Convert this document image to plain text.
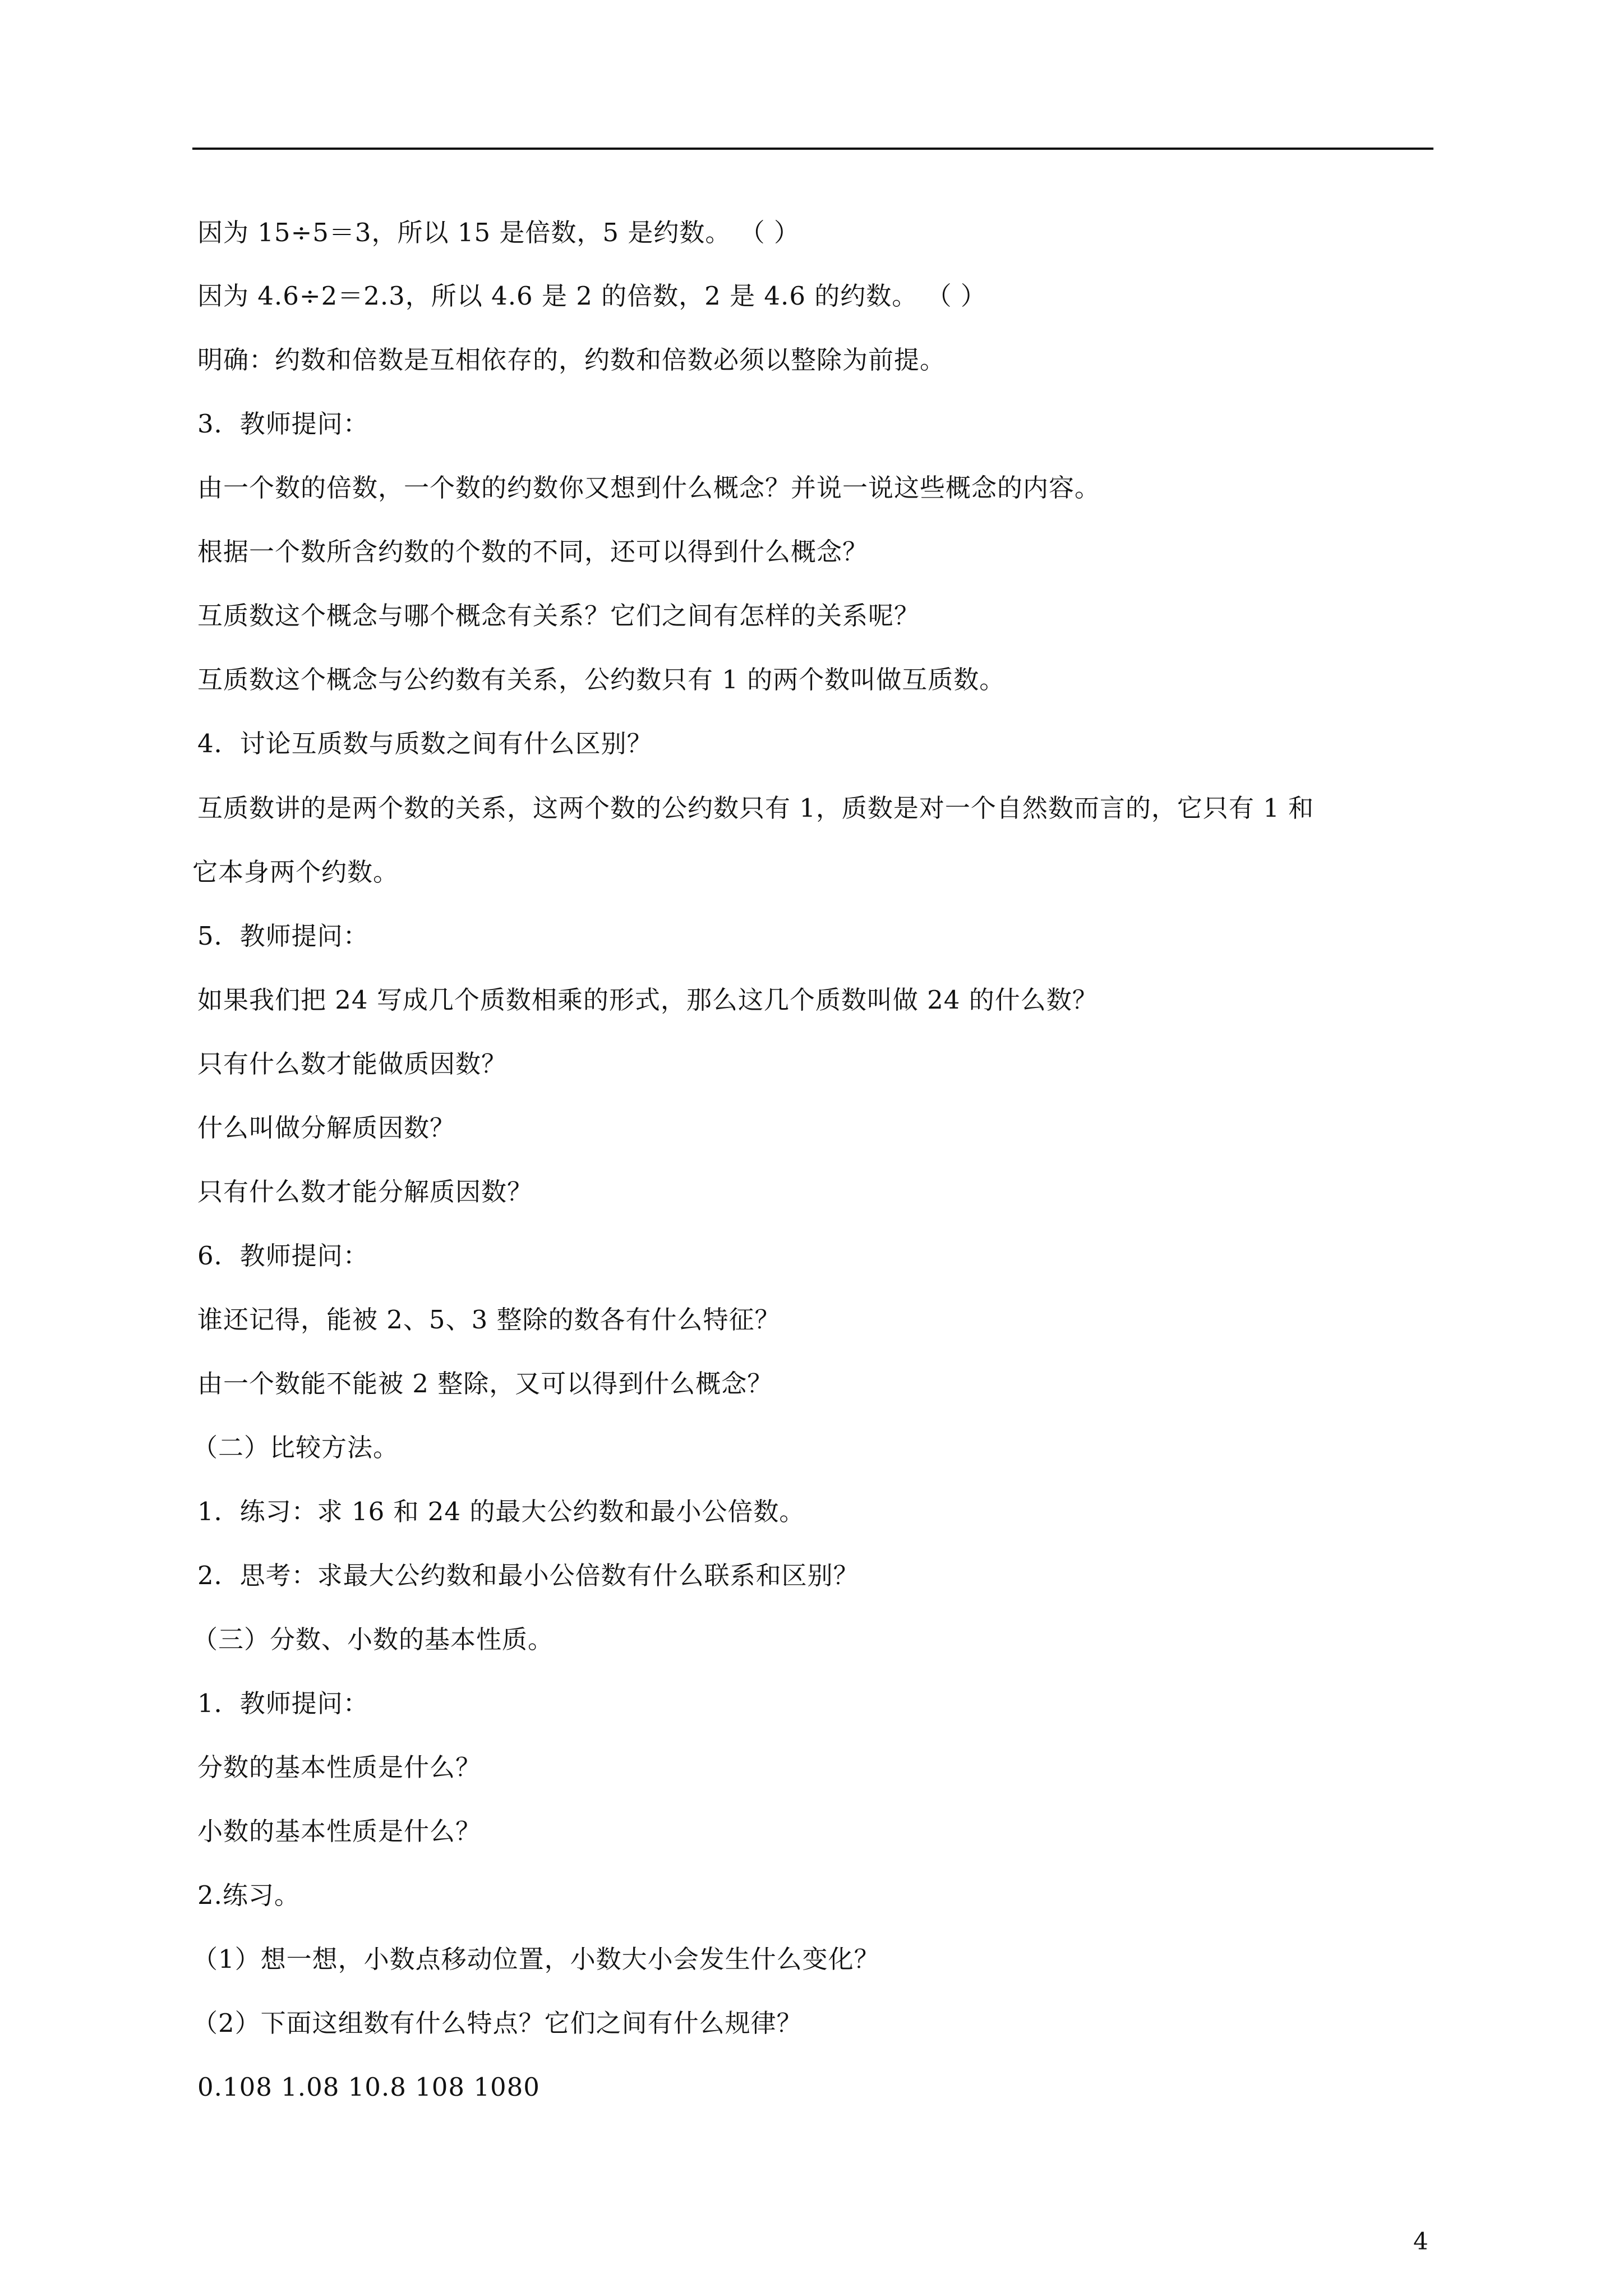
因为 15÷5＝3，所以 15 是倍数，5 是约数。 （ ）
因为 4.6÷2＝2.3，所以 4.6 是 2 的倍数，2 是 4.6 的约数。 （ ）
明确：约数和倍数是互相依存的，约数和倍数必须以整除为前提。
3．教师提问：
由一个数的倍数，一个数的约数你又想到什么概念？并说一说这些概念的内容。
根据一个数所含约数的个数的不同，还可以得到什么概念？
互质数这个概念与哪个概念有关系？它们之间有怎样的关系呢？
互质数这个概念与公约数有关系，公约数只有 1 的两个数叫做互质数。
4．讨论互质数与质数之间有什么区别？
互质数讲的是两个数的关系，这两个数的公约数只有 1，质数是对一个自然数而言的，它只有 1 和
它本身两个约数。
5．教师提问：
如果我们把 24 写成几个质数相乘的形式，那么这几个质数叫做 24 的什么数？
只有什么数才能做质因数？
什么叫做分解质因数？
只有什么数才能分解质因数？
6．教师提问：
谁还记得，能被 2、5、3 整除的数各有什么特征？
由一个数能不能被 2 整除，又可以得到什么概念？
（二）比较方法。
1．练习：求 16 和 24 的最大公约数和最小公倍数。
2．思考：求最大公约数和最小公倍数有什么联系和区别？
（三）分数、小数的基本性质。
1．教师提问：
分数的基本性质是什么？
小数的基本性质是什么？
2.练习。
（1）想一想，小数点移动位置，小数大小会发生什么变化？
（2）下面这组数有什么特点？它们之间有什么规律？
0.108 1.08 10.8 108 1080
4
